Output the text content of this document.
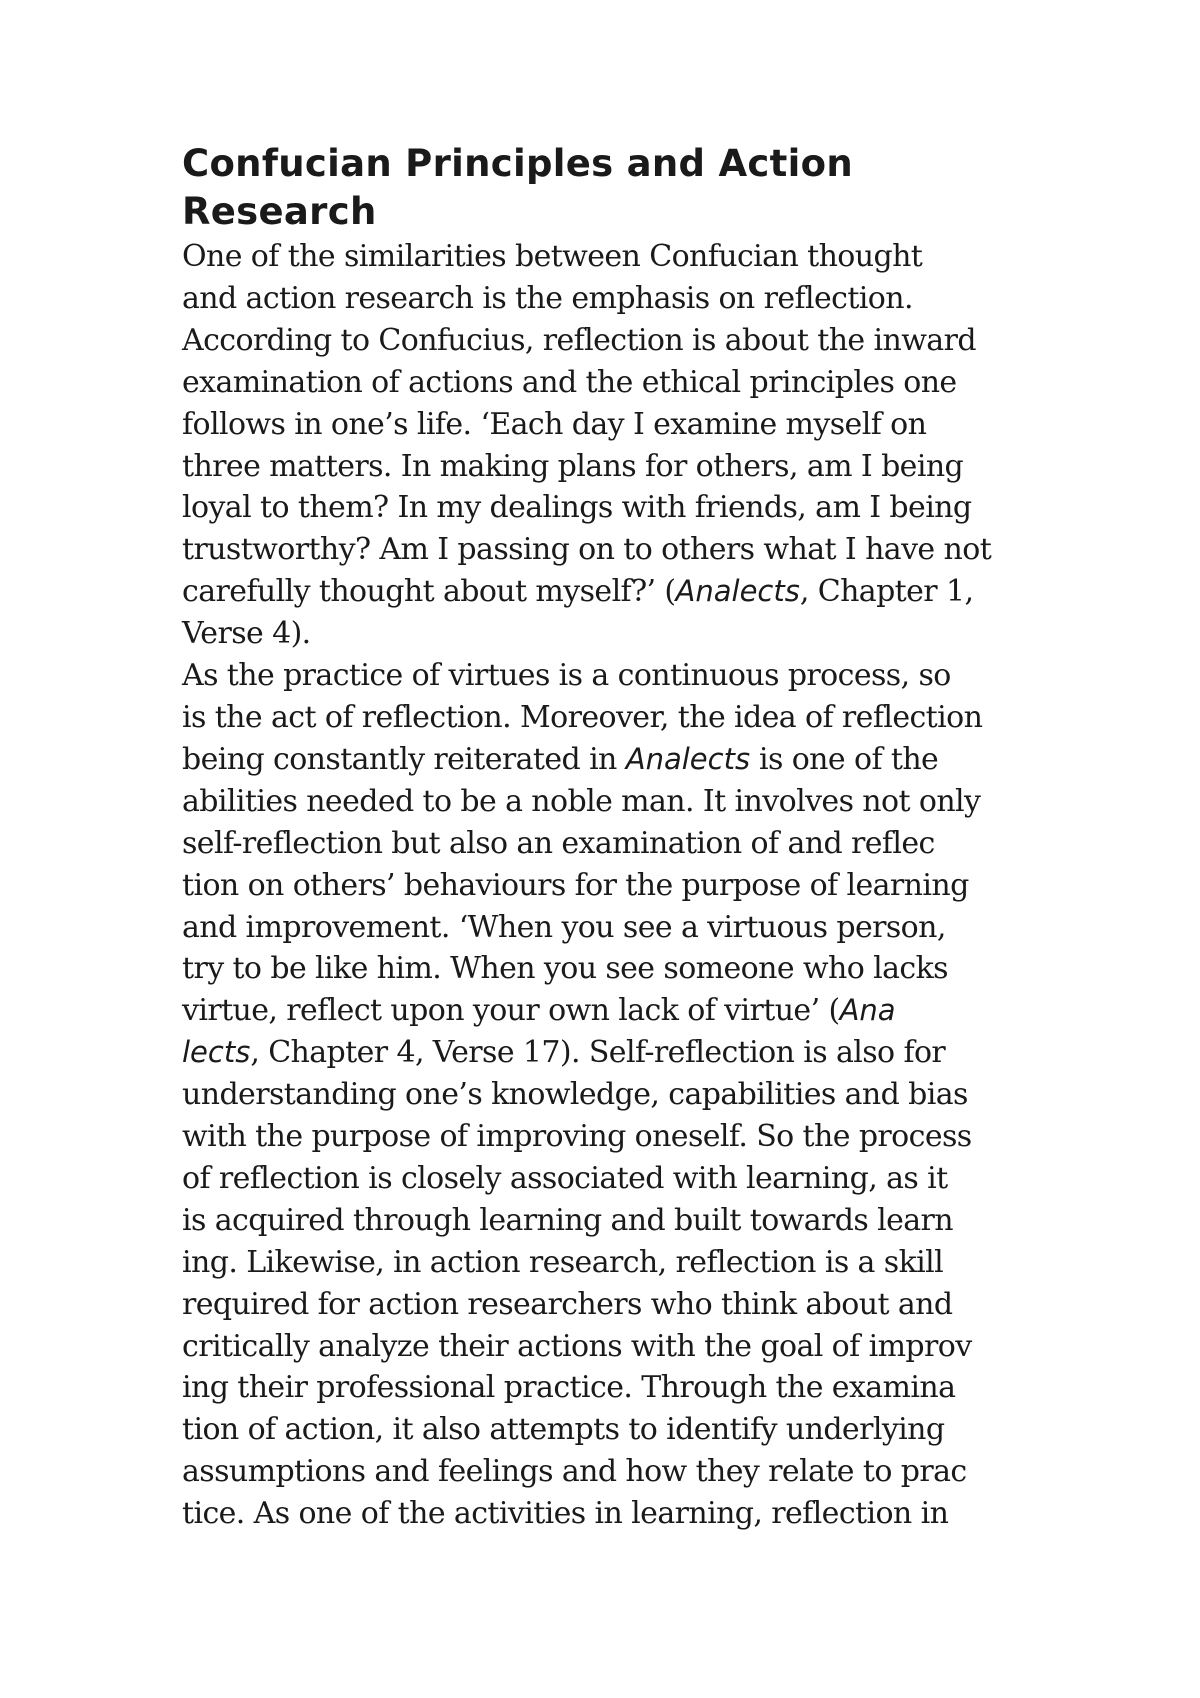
Confucian Principles and Action
Research

One of the similarities between Confucian thought

and action research is the emphasis on reflection.

According to Confucius, reflection is about the inward

examination of actions and the ethical principles one

follows in one’s life. ‘Each day I examine myself on

three matters. In making plans for others, am I being

loyal to them? In my dealings with friends, am I being

trustworthy? Am I passing on to others what I have not

carefully thought about myself?’ (Analects, Chapter 1,

Verse 4).

As the practice of virtues is a continuous process, so

is the act of reflection. Moreover, the idea of reflection

being constantly reiterated in Analects is one of the

abilities needed to be a noble man. It involves not only

self-reflection but also an examination of and reflec

tion on others’ behaviours for the purpose of learning

and improvement. ‘When you see a virtuous person,

try to be like him. When you see someone who lacks

virtue, reflect upon your own lack of virtue’ (Ana

lects, Chapter 4, Verse 17). Self-reflection is also for

understanding one’s knowledge, capabilities and bias

with the purpose of improving oneself. So the process

of reflection is closely associated with learning, as it

is acquired through learning and built towards learn

ing. Likewise, in action research, reflection is a skill

required for action researchers who think about and

critically analyze their actions with the goal of improv

ing their professional practice. Through the examina

tion of action, it also attempts to identify underlying

assumptions and feelings and how they relate to prac

tice. As one of the activities in learning, reflection in
